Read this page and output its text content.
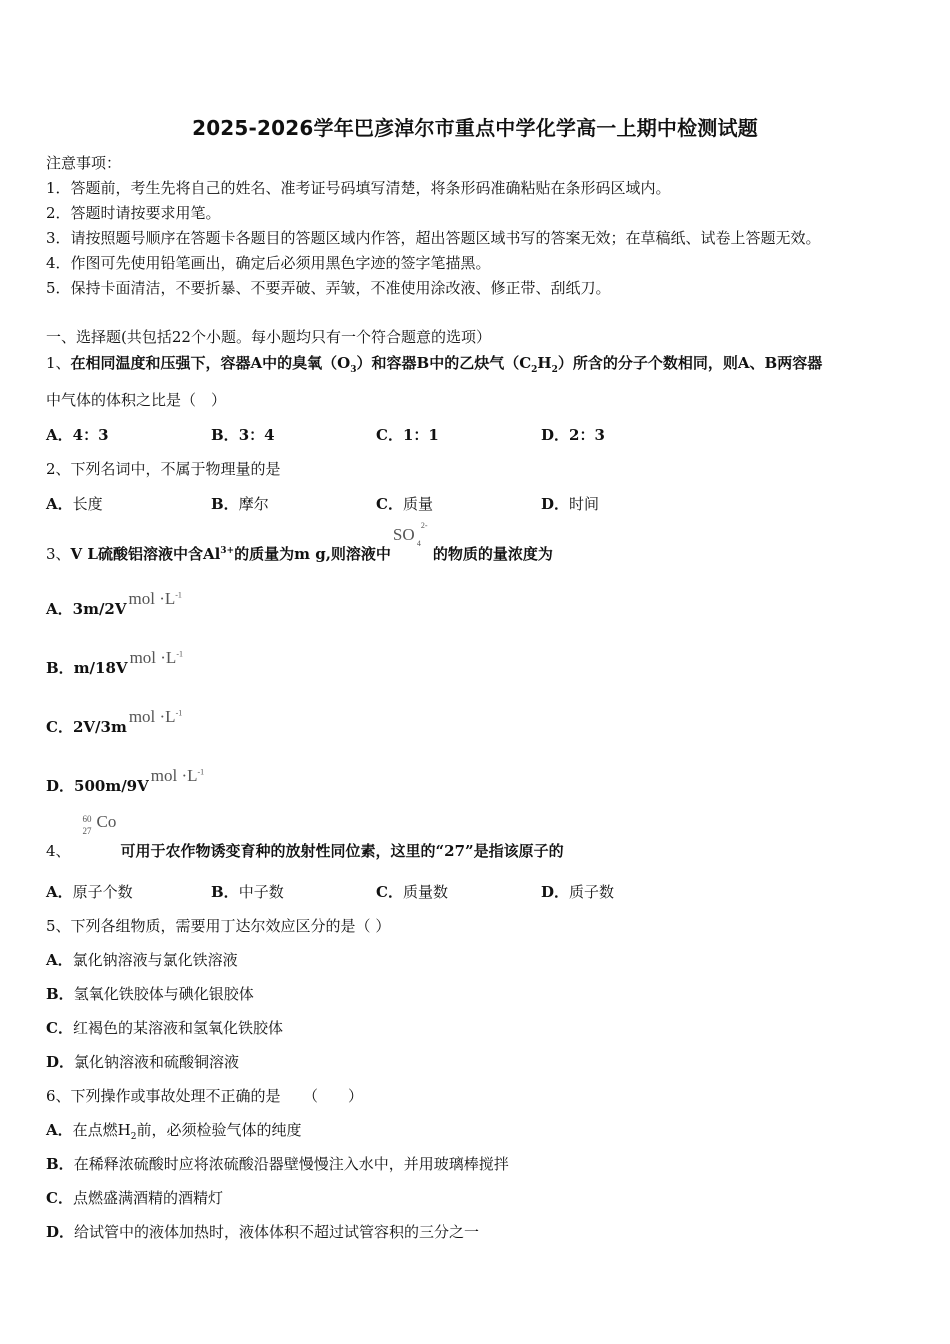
2025-2026学年巴彦淖尔市重点中学化学高一上期中检测试题
注意事项：
1．答题前，考生先将自己的姓名、准考证号码填写清楚，将条形码准确粘贴在条形码区域内。
2．答题时请按要求用笔。
3．请按照题号顺序在答题卡各题目的答题区域内作答，超出答题区域书写的答案无效；在草稿纸、试卷上答题无效。
4．作图可先使用铅笔画出，确定后必须用黑色字迹的签字笔描黑。
5．保持卡面清洁，不要折暴、不要弄破、弄皱，不准使用涂改液、修正带、刮纸刀。
一、选择题(共包括22个小题。每小题均只有一个符合题意的选项）
1、在相同温度和压强下，容器A中的臭氧$(O_3)$和容器B中的乙炔气$(C_2H_2)$所含的分子个数相同，则A、B两容器
中气体的体积之比是（　）
A．4：3	B．3：4	C．1：1	D．2：3
2、下列名词中，不属于物理量的是
A．长度	B．摩尔	C．质量	D．时间
3、V L硫酸铝溶液中含$Al^{3+}$的质量为m g,则溶液中
SO 4
2-
的物质的量浓度为
A．3m/2Vmol $\cdot L^{-1}$
B．m/18Vmol $\cdot L^{-1}$
C．2V/3mmol $\cdot L^{-1}$
D．500m/9Vmol $\cdot L^{-1}$
4、
60
27 Co
可用于农作物诱变育种的放射性同位素，这里的“27”是指该原子的
A．原子个数	B．中子数	C．质量数	D．质子数
5、下列各组物质，需要用丁达尔效应区分的是（ ）
A．氯化钠溶液与氯化铁溶液
B．氢氧化铁胶体与碘化银胶体
C．红褐色的某溶液和氢氧化铁胶体
D．氯化钠溶液和硫酸铜溶液
6、下列操作或事故处理不正确的是　　（　　）
A．在点燃$H_2$前，必须检验气体的纯度
B．在稀释浓硫酸时应将浓硫酸沿器壁慢慢注入水中，并用玻璃棒搅拌
C．点燃盛满酒精的酒精灯
D．给试管中的液体加热时，液体体积不超过试管容积的三分之一
